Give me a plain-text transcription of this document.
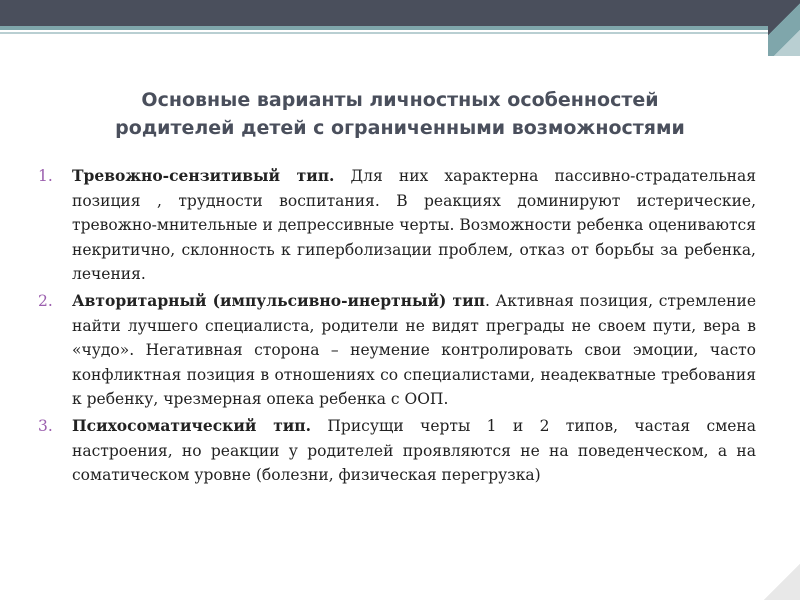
Основные варианты личностных особенностей
родителей детей с ограниченными возможностями
1. Тревожно-сензитивый тип. Для них характерна пассивно-страдательная позиция , трудности воспитания. В реакциях доминируют истерические, тревожно-мнительные и депрессивные черты. Возможности ребенка оцениваются некритично, склонность к гиперболизации проблем, отказ от борьбы за ребенка, лечения.
2. Авторитарный (импульсивно-инертный) тип. Активная позиция, стремление найти лучшего специалиста, родители не видят преграды не своем пути, вера в «чудо». Негативная сторона – неумение контролировать свои эмоции, часто конфликтная позиция в отношениях со специалистами, неадекватные требования к ребенку, чрезмерная опека ребенка с ООП.
3. Психосоматический тип. Присущи черты 1 и 2 типов, частая смена настроения, но реакции у родителей проявляются не на поведенческом, а на соматическом уровне (болезни, физическая перегрузка)
